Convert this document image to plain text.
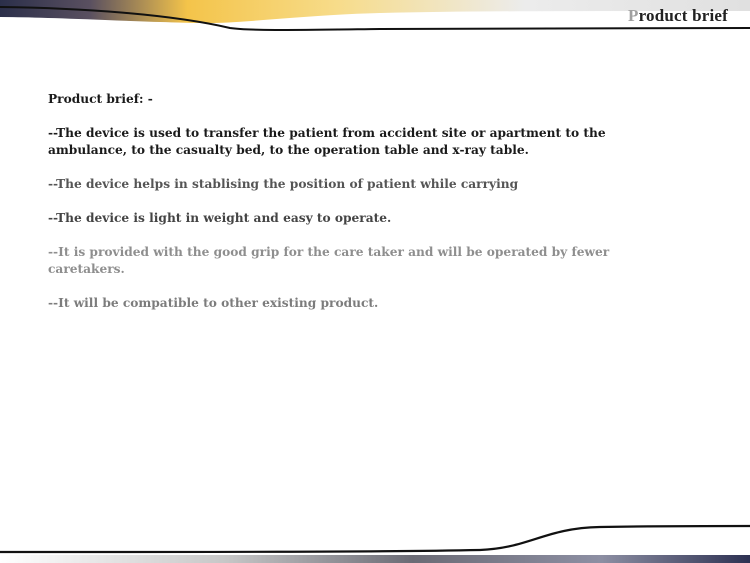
Product brief

Product brief: -

--The device is used to transfer the patient from accident site or apartment to the ambulance, to the casualty bed, to the operation table and x-ray table.

--The device helps in stablising the position of patient while carrying

--The device is light in weight and easy to operate.

--It is provided with the good grip for the care taker and will be operated by fewer caretakers.

--It will be compatible to other existing product.
